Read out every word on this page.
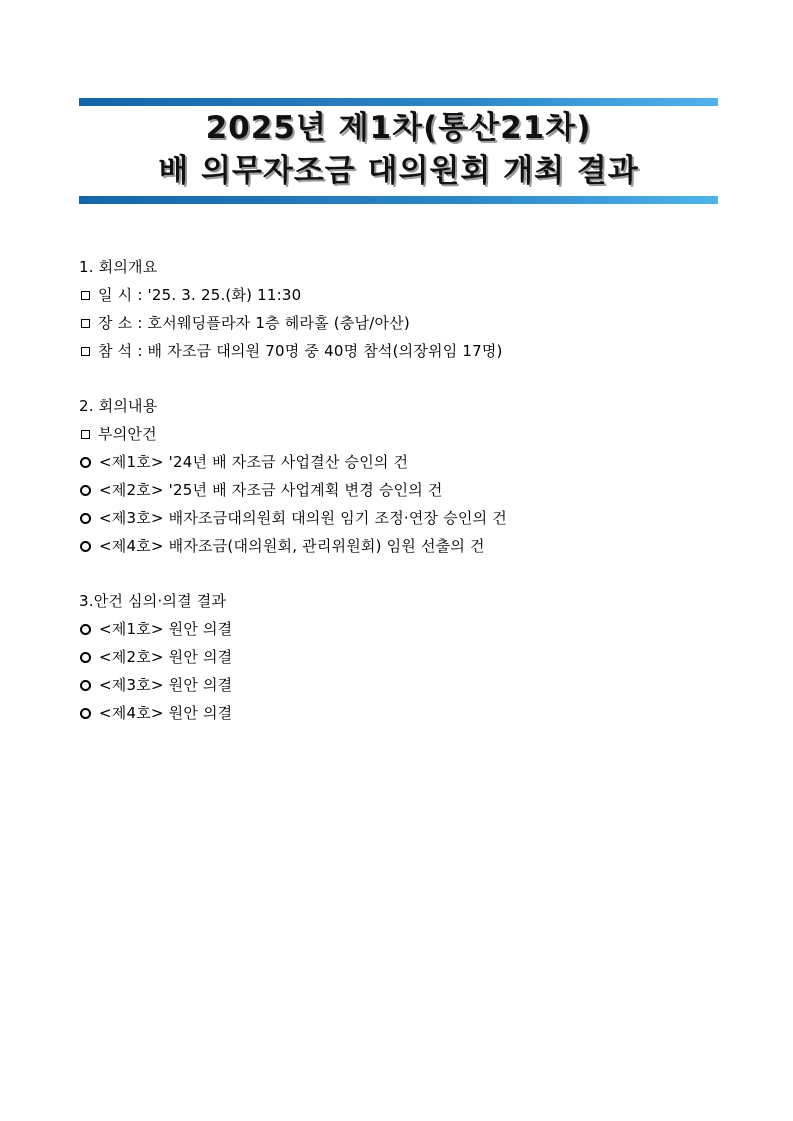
2025년 제1차(통산21차)
배 의무자조금 대의원회 개최 결과
1. 회의개요
일 시 : '25. 3. 25.(화) 11:30
장 소 : 호서웨딩플라자 1층 헤라홀 (충남/아산)
참 석 : 배 자조금 대의원 70명 중 40명 참석(의장위임 17명)
2. 회의내용
부의안건
<제1호> '24년 배 자조금 사업결산 승인의 건
<제2호> '25년 배 자조금 사업계획 변경 승인의 건
<제3호> 배자조금대의원회 대의원 임기 조정·연장 승인의 건
<제4호> 배자조금(대의원회, 관리위원회) 임원 선출의 건
3.안건 심의·의결 결과
<제1호> 원안 의결
<제2호> 원안 의결
<제3호> 원안 의결
<제4호> 원안 의결
